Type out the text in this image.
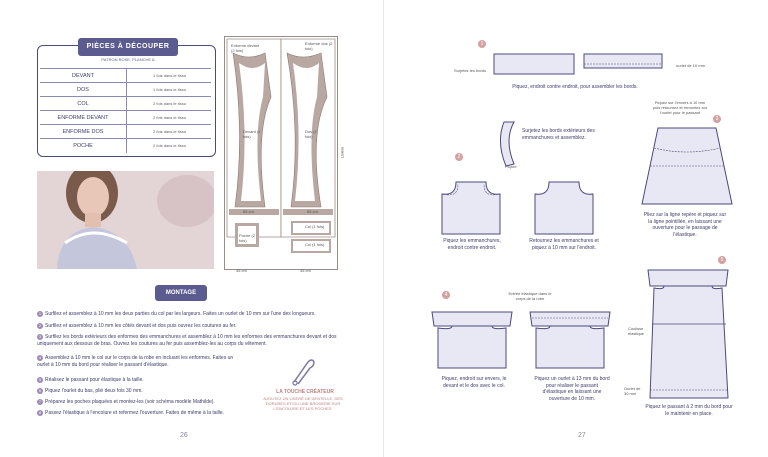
PIÈCES À DÉCOUPER
PATRON ROSE, PLANCHE A
DEVANT	1 fois dans le tissu
DOS	1 fois dans le tissu
COL	2 fois dans le tissu
ENFORME DEVANT	2 fois dans le tissu
ENFORME DOS	2 fois dans le tissu
POCHE	2 fois dans le tissu
Enforme devant (2 fois)
Enforme dos (2 fois)
Devant (1 fois)
Dos (1 fois)
68 cm	68 cm
Poche (2 fois)
Col (1 fois)
Col (1 fois)
35 cm	35 cm
Lisière
MONTAGE
1 Surfilez et assemblez à 10 mm les deux parties du col par les largeurs. Faites un ourlet de 10 mm sur l'une des longueurs.
2 Surfilez et assemblez à 10 mm les côtés devant et dos puis ouvrez les coutures au fer.
3 Surfilez les bords extérieurs des enformes des emmanchures et assemblez à 10 mm les enformes des emmanchures devant et dos uniquement aux dessous de bras. Ouvrez les coutures au fer puis assemblez-les au corps du vêtement.
4 Assemblez à 10 mm le col sur le corps de la robe en incluant les enformes. Faites un ourlet à 10 mm du bord pour réaliser le passant d'élastique.
5 Réalisez le passant pour élastique à la taille.
6 Piquez l'ourlet du bas, plié deux fois 30 mm.
7 Préparez les poches plaquées et montez-les (voir schéma modèle Mathilde).
8 Passez l'élastique à l'encolure et refermez l'ouverture. Faites de même à la taille.
LA TOUCHE CRÉATEUR
AJOUTEZ UN LISERÉ DE DENTELLE, DES DORURES ET/OU UNE BRODERIE SUR L'ENCOLURE ET LES POCHES.
26
1
Surjetez les bords
ourlet de 10 mm
Piquez, endroit contre endroit, pour assembler les bords.
2
Surjetez les bords extérieurs des emmanchures et assemblez.
Piqûre
Piquez les emmanchures, endroit contre endroit.
Retournez les emmanchures et piquez à 10 mm sur l'endroit.
3
Piquez sur l'envers à 10 mm puis retournez et remontez sur l'ourlet pour le passant
Pliez sur la ligne repère et piquez sur la ligne pointillée, en laissant une ouverture pour le passage de l'élastique.
4	Entrée élastique dans le corps de la robe
Piquez, endroit sur envers, le devant et le dos avec le col.
Piquez un ourlet à 13 mm du bord pour réaliser le passant d'élastique en laissant une ouverture de 10 mm.
5
Coulisse élastique
Ourlet de 30 mm
Piquez le passant à 2 mm du bord pour le maintenir en place.
27
